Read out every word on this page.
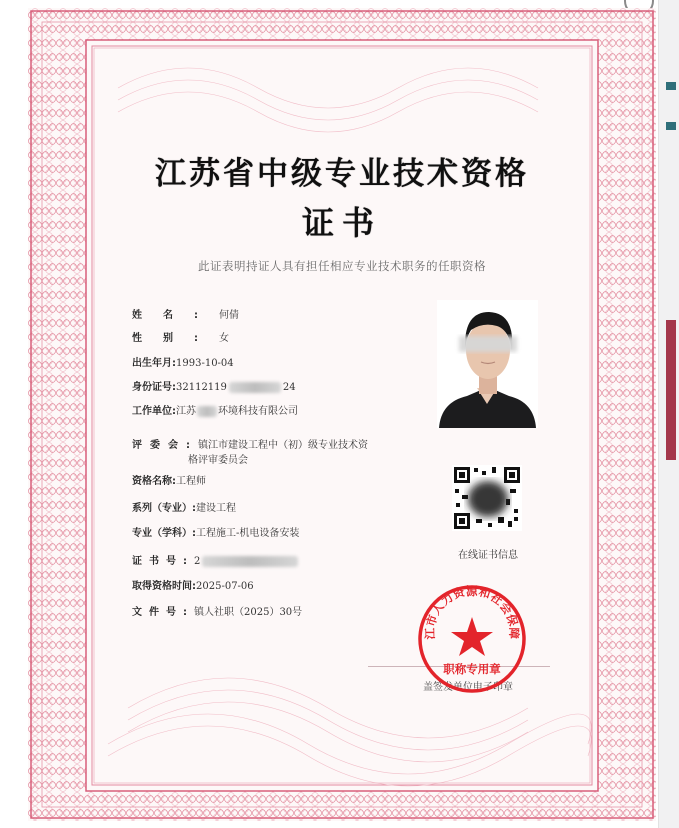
江苏省中级专业技术资格
证书
此证表明持证人具有担任相应专业技术职务的任职资格
姓名:何倩
性别:女
出生年月:1993-10-04
身份证号:32112119	24
工作单位:江苏 环境科技有限公司
评委会:镇江市建设工程中（初）级专业技术资
格评审委员会
资格名称:工程师
系列（专业）:建设工程
专业（学科）:工程施工-机电设备安装
证书号:2
取得资格时间:2025-07-06
文件号:镇人社职（2025）30号
在线证书信息
盖签发单位电子印章
江市人力资源和社会保障
职称专用章
